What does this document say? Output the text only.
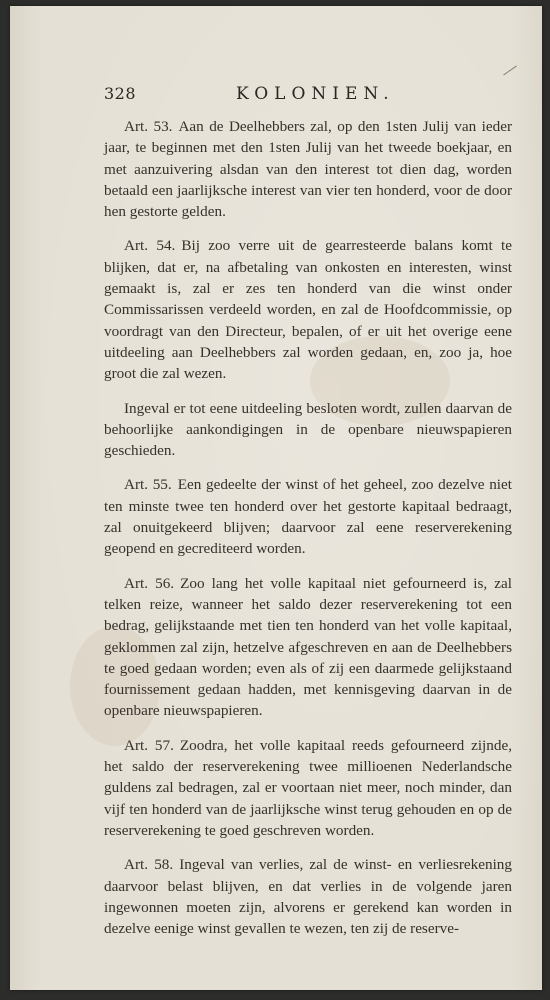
328	KOLONIEN.

Art. 53. Aan de Deelhebbers zal, op den 1sten Julij van ieder jaar, te beginnen met den 1sten Julij van het tweede boekjaar, en met aanzuivering alsdan van den interest tot dien dag, worden betaald een jaarlijksche interest van vier ten honderd, voor de door hen gestorte gelden.

Art. 54. Bij zoo verre uit de gearresteerde balans komt te blijken, dat er, na afbetaling van onkosten en interesten, winst gemaakt is, zal er zes ten honderd van die winst onder Commissarissen verdeeld worden, en zal de Hoofdcommissie, op voordragt van den Directeur, bepalen, of er uit het overige eene uitdeeling aan Deelhebbers zal worden gedaan, en, zoo ja, hoe groot die zal wezen.

Ingeval er tot eene uitdeeling besloten wordt, zullen daarvan de behoorlijke aankondigingen in de openbare nieuwspapieren geschieden.

Art. 55. Een gedeelte der winst of het geheel, zoo dezelve niet ten minste twee ten honderd over het gestorte kapitaal bedraagt, zal onuitgekeerd blijven; daarvoor zal eene reserverekening geopend en gecrediteerd worden.

Art. 56. Zoo lang het volle kapitaal niet gefourneerd is, zal telken reize, wanneer het saldo dezer reserverekening tot een bedrag, gelijkstaande met tien ten honderd van het volle kapitaal, geklommen zal zijn, hetzelve afgeschreven en aan de Deelhebbers te goed gedaan worden; even als of zij een daarmede gelijkstaand fournissement gedaan hadden, met kennisgeving daarvan in de openbare nieuwspapieren.

Art. 57. Zoodra, het volle kapitaal reeds gefourneerd zijnde, het saldo der reserverekening twee millioenen Nederlandsche guldens zal bedragen, zal er voortaan niet meer, noch minder, dan vijf ten honderd van de jaarlijksche winst terug gehouden en op de reserverekening te goed geschreven worden.

Art. 58. Ingeval van verlies, zal de winst- en verliesrekening daarvoor belast blijven, en dat verlies in de volgende jaren ingewonnen moeten zijn, alvorens er gerekend kan worden in dezelve eenige winst gevallen te wezen, ten zij de reserve-
